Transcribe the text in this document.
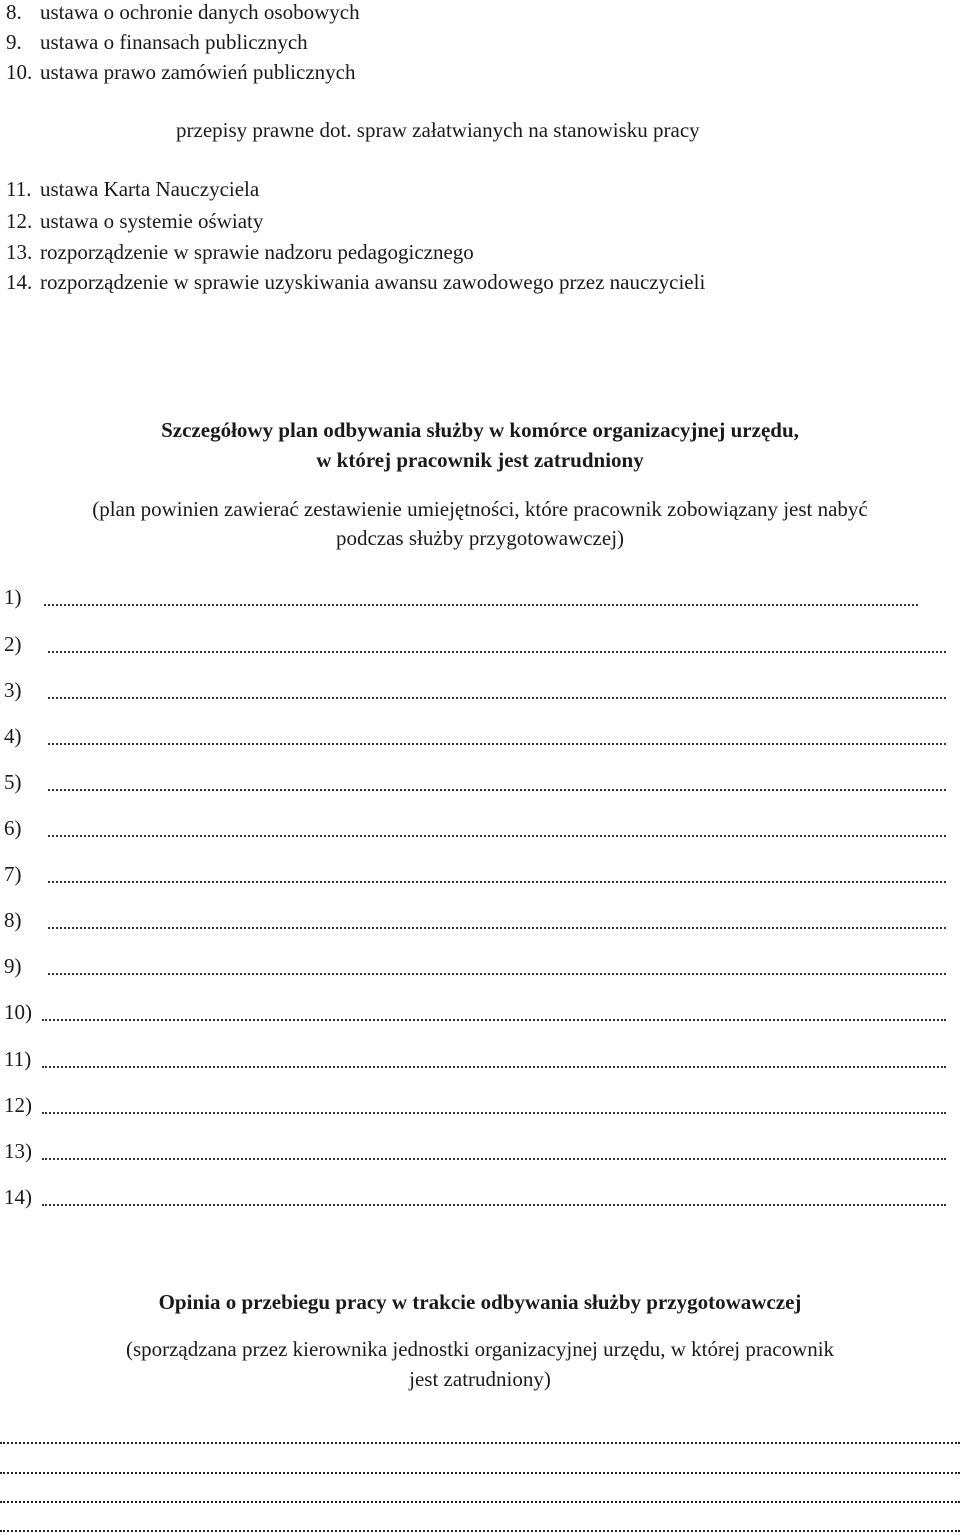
8. ustawa o ochronie danych osobowych
9. ustawa o finansach publicznych
10. ustawa prawo zamówień publicznych
przepisy prawne dot. spraw załatwianych na stanowisku pracy
11. ustawa Karta Nauczyciela
12. ustawa o systemie oświaty
13. rozporządzenie w sprawie nadzoru pedagogicznego
14. rozporządzenie w sprawie uzyskiwania awansu zawodowego przez nauczycieli
Szczegółowy plan odbywania służby w komórce organizacyjnej urzędu,
w której pracownik jest zatrudniony
(plan powinien zawierać zestawienie umiejętności, które pracownik zobowiązany jest nabyć
podczas służby przygotowawczej)
1)
2)
3)
4)
5)
6)
7)
8)
9)
10)
11)
12)
13)
14)
Opinia o przebiegu pracy w trakcie odbywania służby przygotowawczej
(sporządzana przez kierownika jednostki organizacyjnej urzędu, w której pracownik
jest zatrudniony)
